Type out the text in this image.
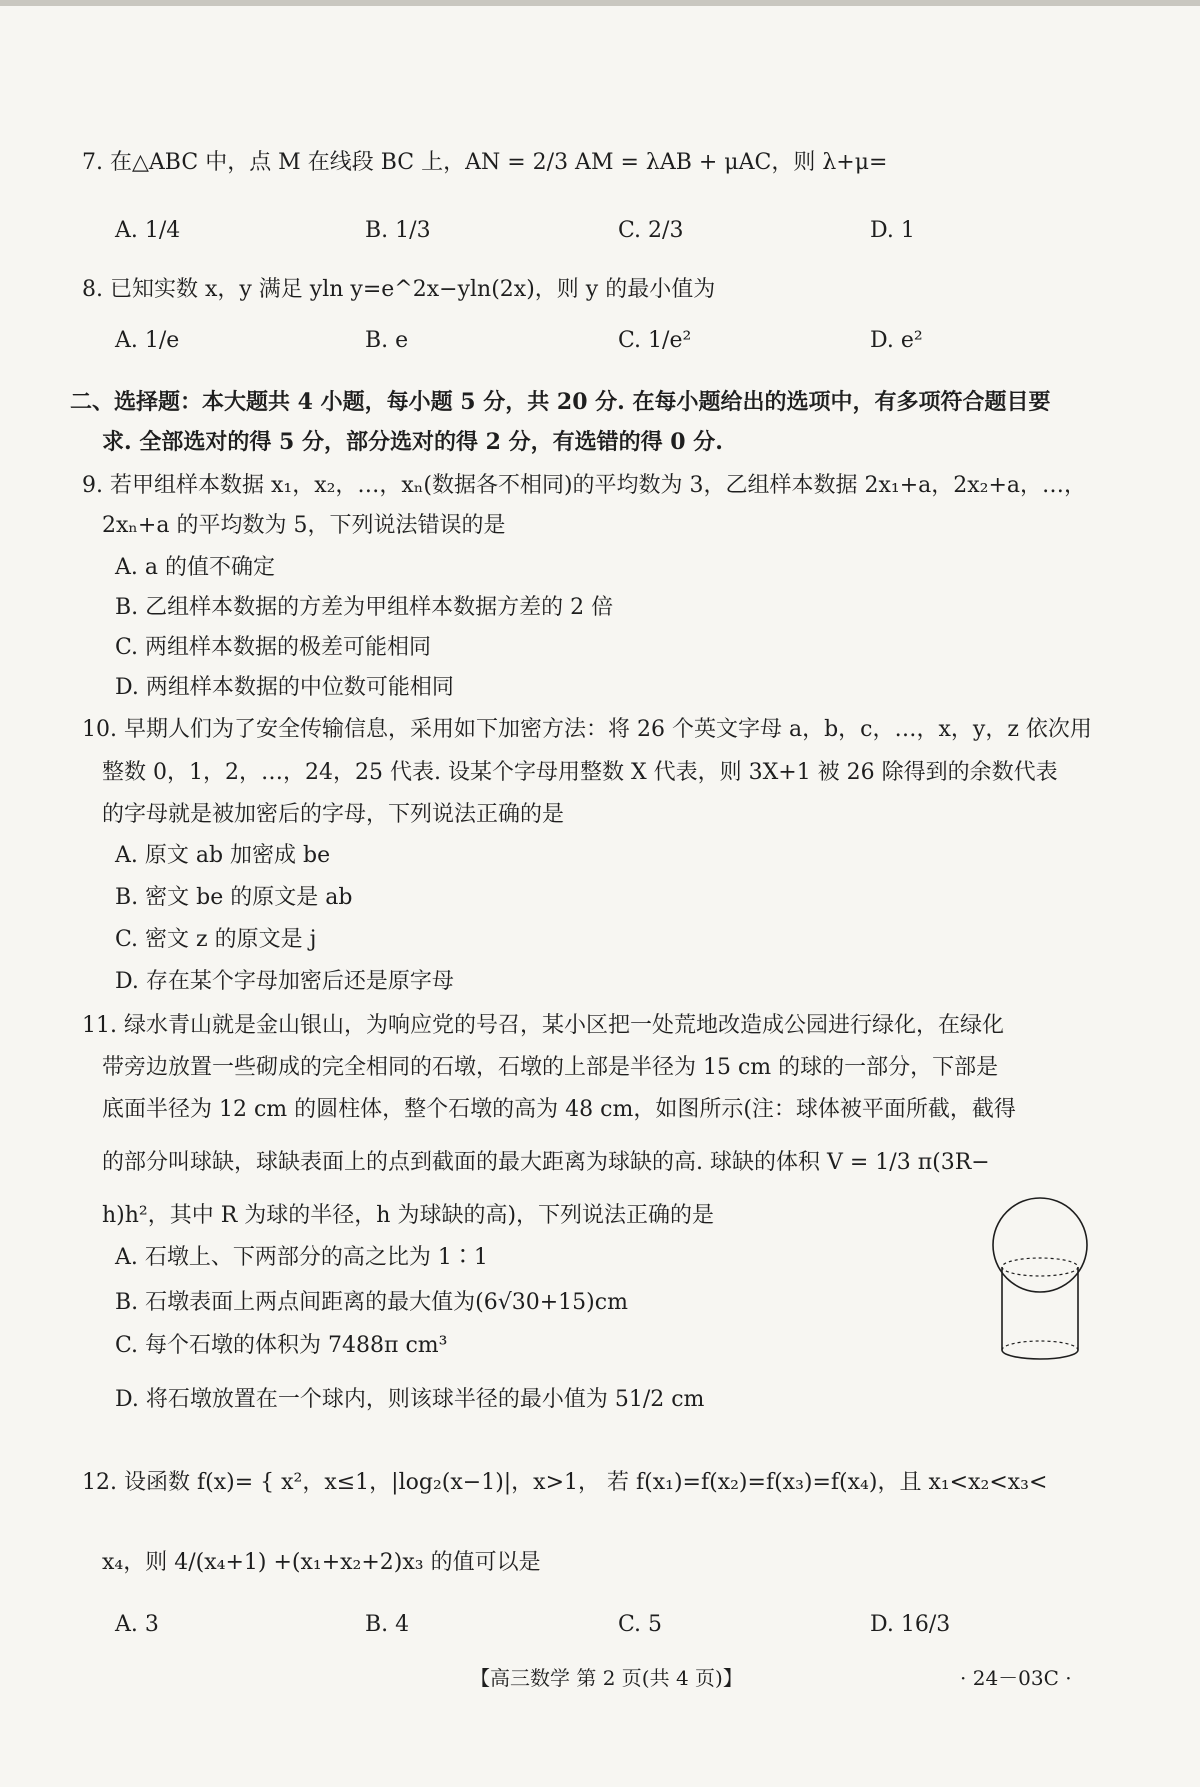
7. 在△ABC 中，点 M 在线段 BC 上，AN = 2/3 AM = λAB + μAC，则 λ+μ=
A. 1/4	B. 1/3	C. 2/3	D. 1
8. 已知实数 x，y 满足 yln y=e^2x−yln(2x)，则 y 的最小值为
A. 1/e	B. e	C. 1/e²	D. e²
二、选择题：本大题共 4 小题，每小题 5 分，共 20 分. 在每小题给出的选项中，有多项符合题目要
求. 全部选对的得 5 分，部分选对的得 2 分，有选错的得 0 分.
9. 若甲组样本数据 x₁，x₂，…，xₙ(数据各不相同)的平均数为 3，乙组样本数据 2x₁+a，2x₂+a，…，
2xₙ+a 的平均数为 5，下列说法错误的是
A. a 的值不确定
B. 乙组样本数据的方差为甲组样本数据方差的 2 倍
C. 两组样本数据的极差可能相同
D. 两组样本数据的中位数可能相同
10. 早期人们为了安全传输信息，采用如下加密方法：将 26 个英文字母 a，b，c，…，x，y，z 依次用
整数 0，1，2，…，24，25 代表. 设某个字母用整数 X 代表，则 3X+1 被 26 除得到的余数代表
的字母就是被加密后的字母，下列说法正确的是
A. 原文 ab 加密成 be
B. 密文 be 的原文是 ab
C. 密文 z 的原文是 j
D. 存在某个字母加密后还是原字母
11. 绿水青山就是金山银山，为响应党的号召，某小区把一处荒地改造成公园进行绿化，在绿化
带旁边放置一些砌成的完全相同的石墩，石墩的上部是半径为 15 cm 的球的一部分，下部是
底面半径为 12 cm 的圆柱体，整个石墩的高为 48 cm，如图所示(注：球体被平面所截，截得
的部分叫球缺，球缺表面上的点到截面的最大距离为球缺的高. 球缺的体积 V = 1/3 π(3R−
h)h²，其中 R 为球的半径，h 为球缺的高)，下列说法正确的是
A. 石墩上、下两部分的高之比为 1∶1
B. 石墩表面上两点间距离的最大值为(6√30+15)cm
C. 每个石墩的体积为 7488π cm³
D. 将石墩放置在一个球内，则该球半径的最小值为 51/2 cm
12. 设函数 f(x)= { x²，x≤1，|log₂(x−1)|，x>1， 若 f(x₁)=f(x₂)=f(x₃)=f(x₄)，且 x₁<x₂<x₃<
x₄，则 4/(x₄+1) +(x₁+x₂+2)x₃ 的值可以是
A. 3	B. 4	C. 5	D. 16/3
【高三数学 第 2 页(共 4 页)】	· 24－03C ·
